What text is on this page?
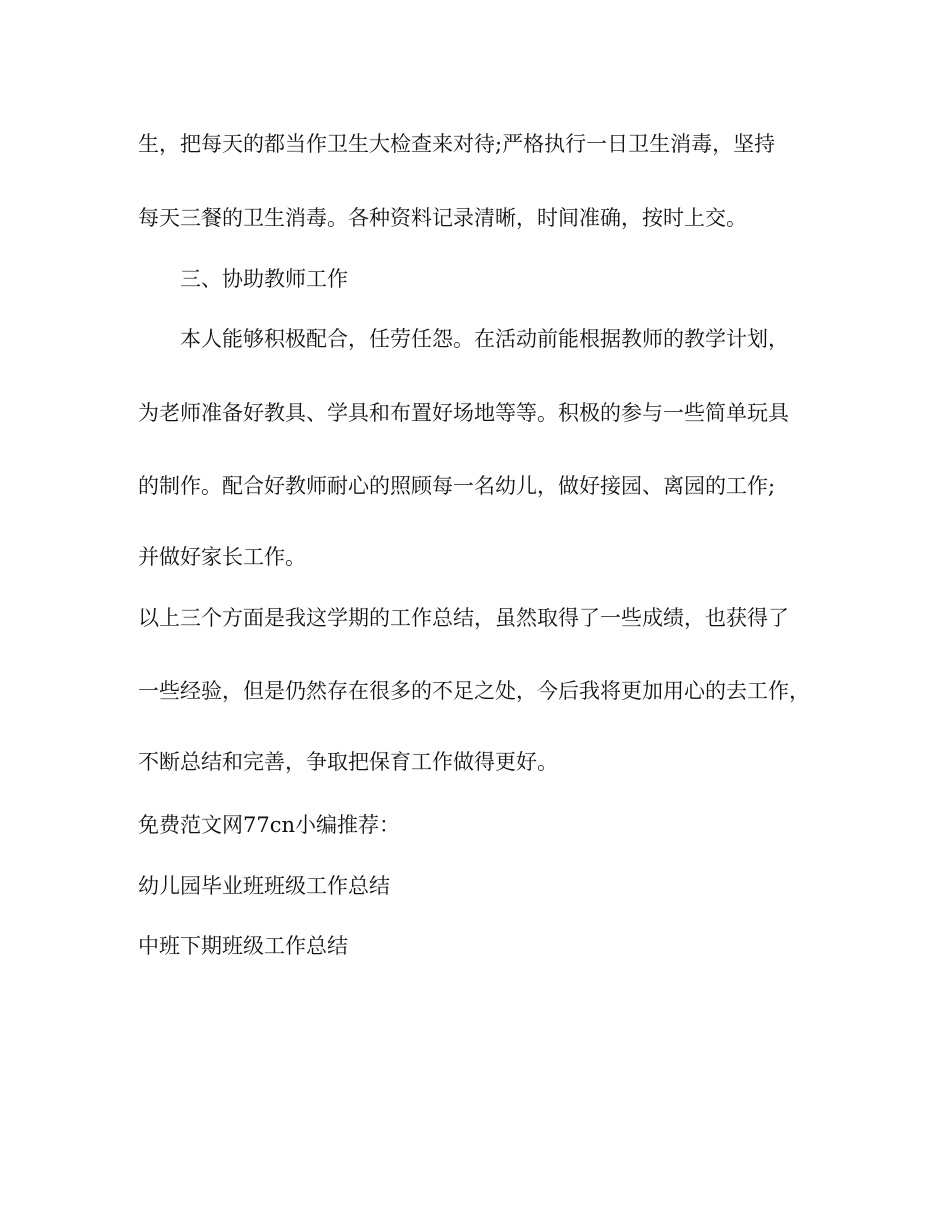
生，把每天的都当作卫生大检查来对待;严格执行一日卫生消毒，坚持
每天三餐的卫生消毒。各种资料记录清晰，时间准确，按时上交。
三、协助教师工作
本人能够积极配合，任劳任怨。在活动前能根据教师的教学计划，
为老师准备好教具、学具和布置好场地等等。积极的参与一些简单玩具
的制作。配合好教师耐心的照顾每一名幼儿，做好接园、离园的工作;
并做好家长工作。
以上三个方面是我这学期的工作总结，虽然取得了一些成绩，也获得了
一些经验，但是仍然存在很多的不足之处，今后我将更加用心的去工作，
不断总结和完善，争取把保育工作做得更好。
免费范文网77cn小编推荐：
幼儿园毕业班班级工作总结
中班下期班级工作总结
